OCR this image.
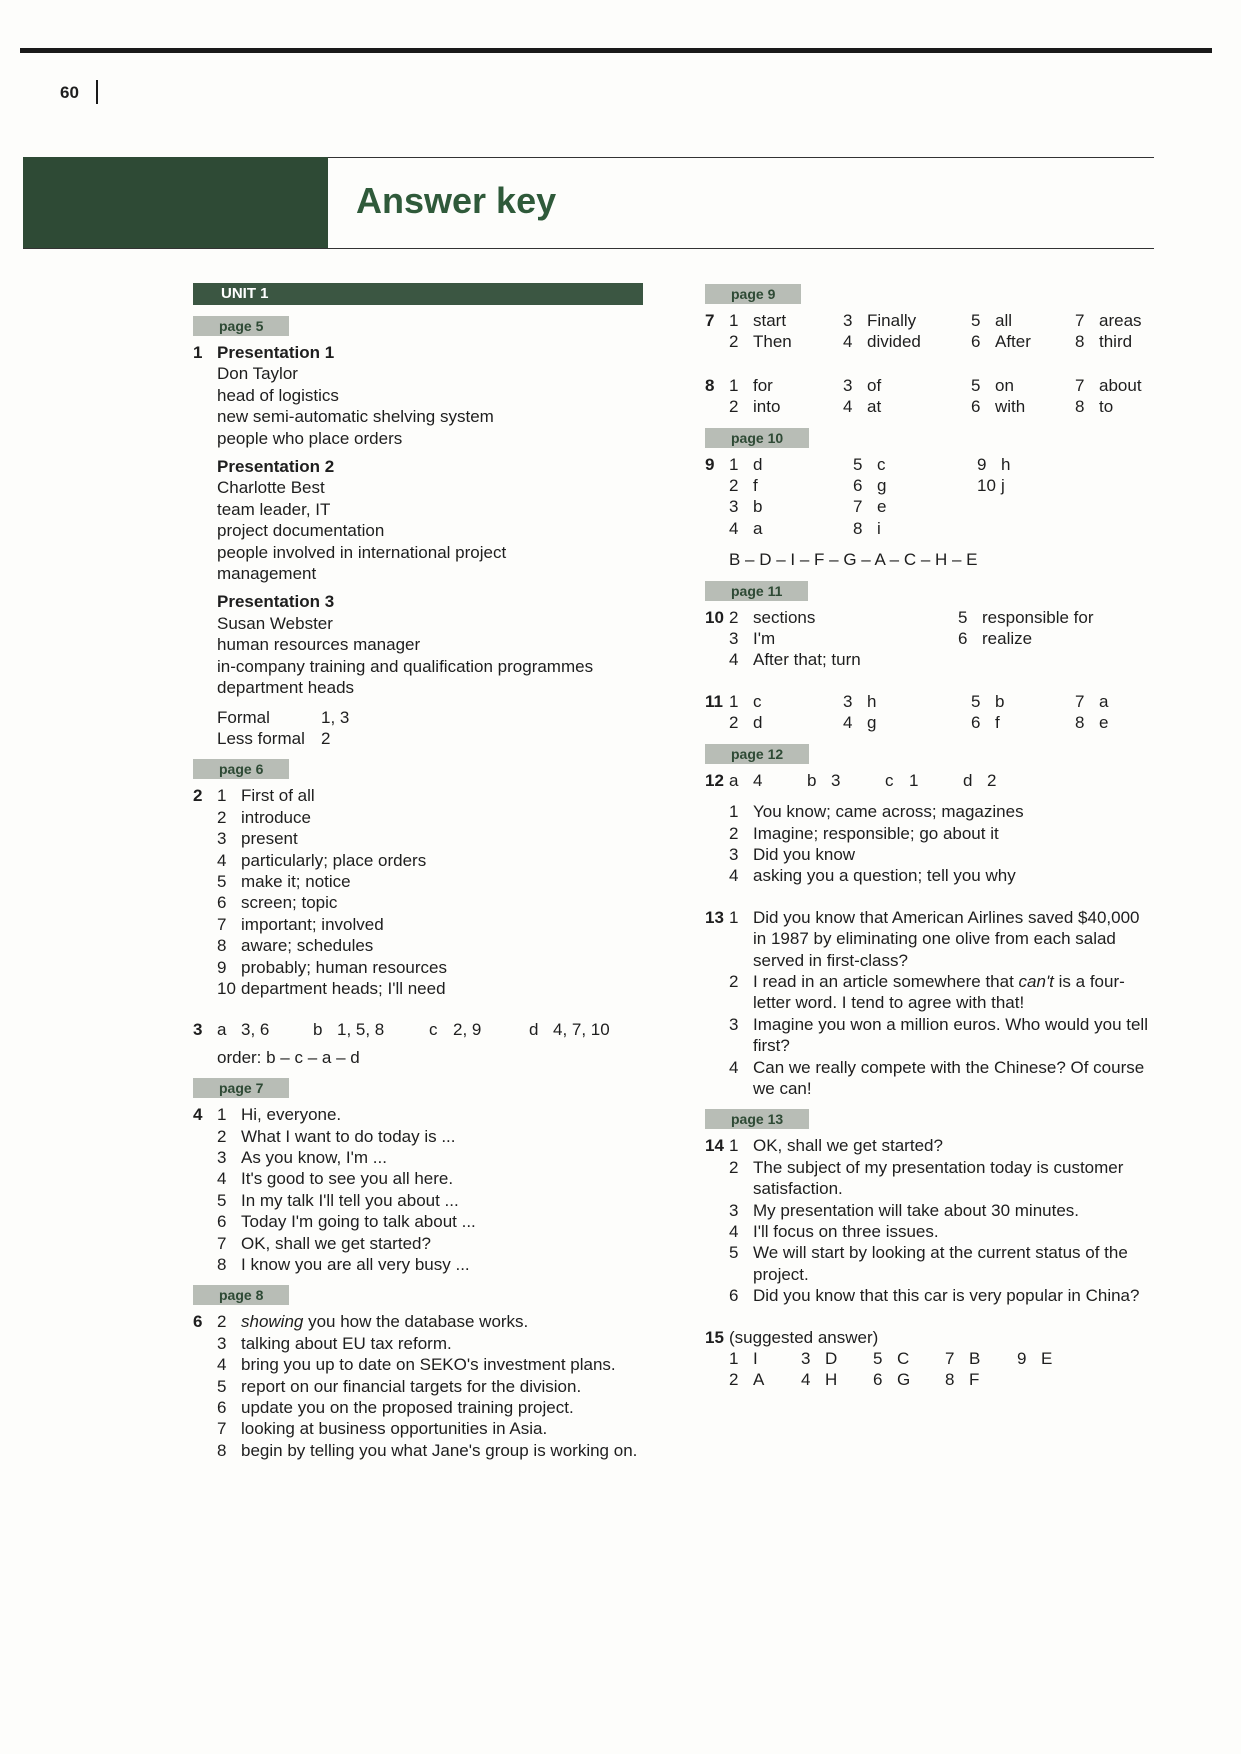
60
Answer key
UNIT 1
page 5
1 Presentation 1
Don Taylor
head of logistics
new semi-automatic shelving system
people who place orders
Presentation 2
Charlotte Best
team leader, IT
project documentation
people involved in international project
management
Presentation 3
Susan Webster
human resources manager
in-company training and qualification programmes
department heads
Formal	1, 3
Less formal 2
page 6
2 1 First of all
2 introduce
3 present
4 particularly; place orders
5 make it; notice
6 screen; topic
7 important; involved
8 aware; schedules
9 probably; human resources
10 department heads; I'll need
3 a 3, 6	b 1, 5, 8	c 2, 9	d 4, 7, 10
order: b – c – a – d
page 7
4 1 Hi, everyone.
2 What I want to do today is ...
3 As you know, I'm ...
4 It's good to see you all here.
5 In my talk I'll tell you about ...
6 Today I'm going to talk about ...
7 OK, shall we get started?
8 I know you are all very busy ...
page 8
6 2 showing you how the database works.
3 talking about EU tax reform.
4 bring you up to date on SEKO's investment plans.
5 report on our financial targets for the division.
6 update you on the proposed training project.
7 looking at business opportunities in Asia.
8 begin by telling you what Jane's group is working on.
page 9
7 1 start	3 Finally	5 all	7 areas
2 Then	4 divided	6 After	8 third
8 1 for	3 of	5 on	7 about
2 into	4 at	6 with	8 to
page 10
9 1 d	5 c	9 h
2 f	6 g	10 j
3 b	7 e
4 a	8 i
B – D – I – F – G – A – C – H – E
page 11
10 2 sections	5 responsible for
3 I'm	6 realize
4 After that; turn
11 1 c	3 h	5 b	7 a
2 d	4 g	6 f	8 e
page 12
12 a 4	b 3	c 1	d 2
1 You know; came across; magazines
2 Imagine; responsible; go about it
3 Did you know
4 asking you a question; tell you why
13 1 Did you know that American Airlines saved $40,000 in 1987 by eliminating one olive from each salad served in first-class?
2 I read in an article somewhere that can't is a four-letter word. I tend to agree with that!
3 Imagine you won a million euros. Who would you tell first?
4 Can we really compete with the Chinese? Of course we can!
page 13
14 1 OK, shall we get started?
2 The subject of my presentation today is customer satisfaction.
3 My presentation will take about 30 minutes.
4 I'll focus on three issues.
5 We will start by looking at the current status of the project.
6 Did you know that this car is very popular in China?
15 (suggested answer)
1 I	3 D	5 C	7 B	9 E
2 A	4 H	6 G	8 F
